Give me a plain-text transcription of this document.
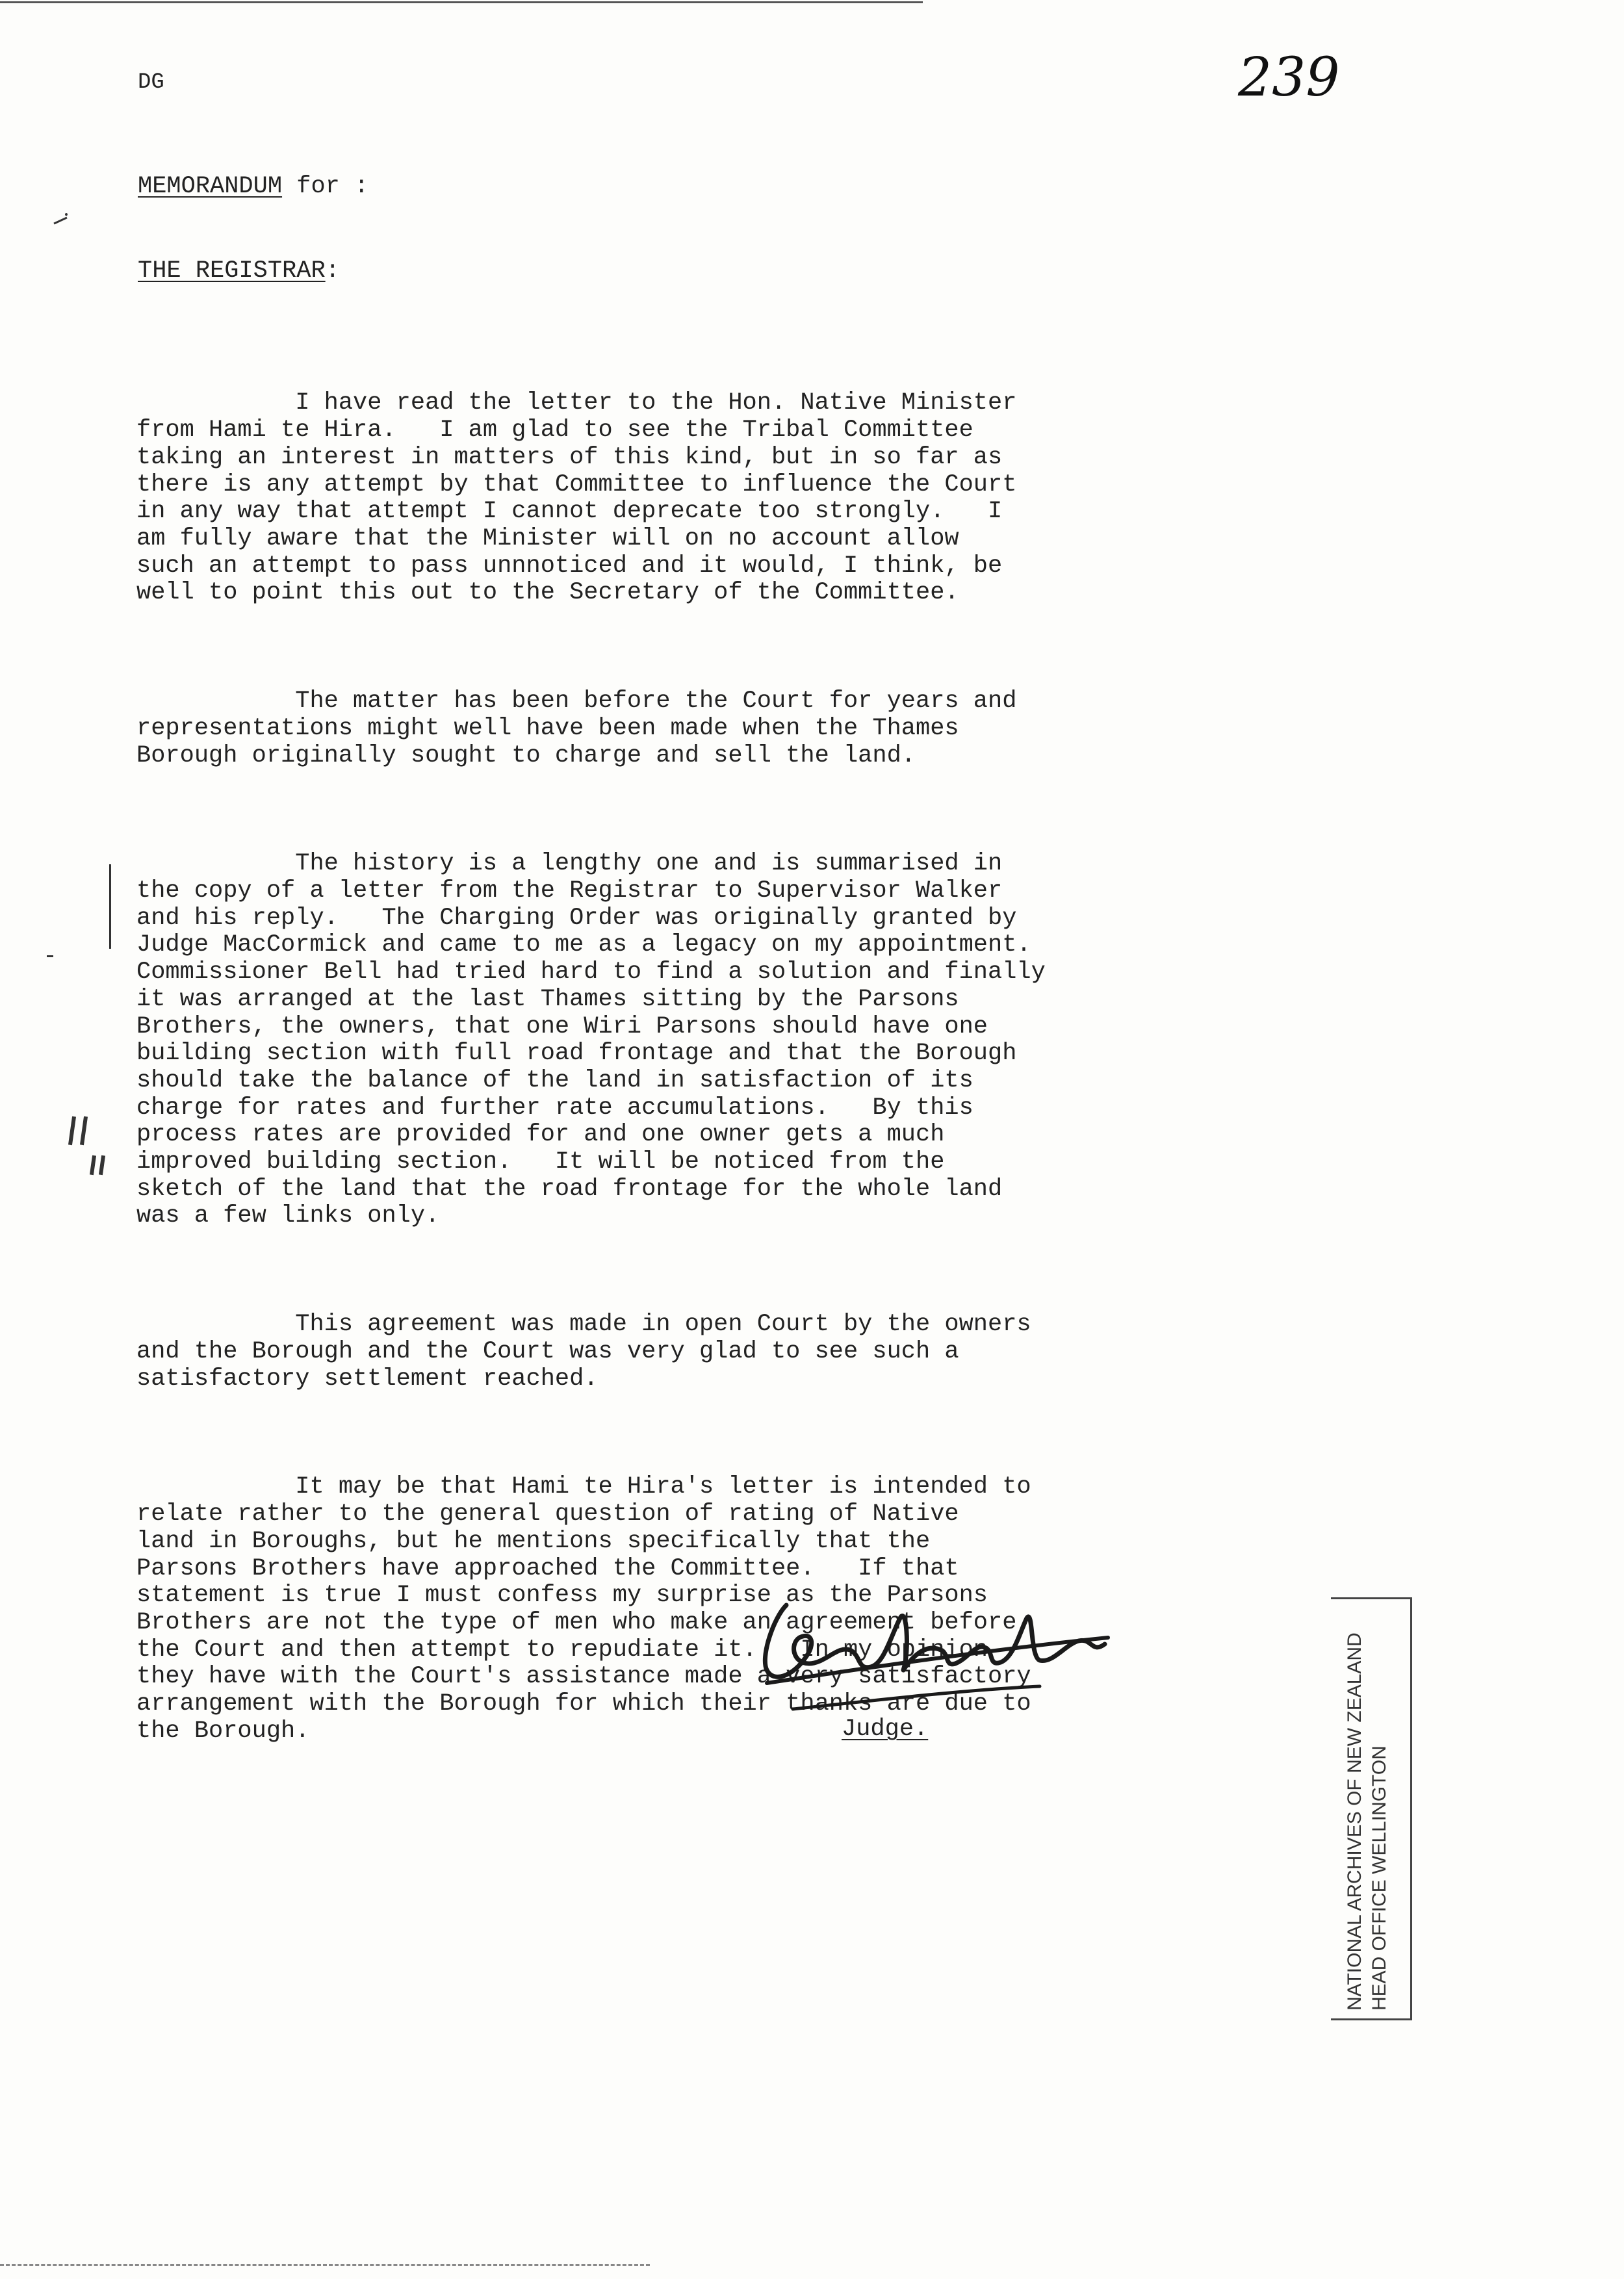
DG	239
MEMORANDUM for :
THE REGISTRAR:

I have read the letter to the Hon. Native Minister
from Hami te Hira.   I am glad to see the Tribal Committee
taking an interest in matters of this kind, but in so far as
there is any attempt by that Committee to influence the Court
in any way that attempt I cannot deprecate too strongly.   I
am fully aware that the Minister will on no account allow
such an attempt to pass unnnoticed and it would, I think, be
well to point this out to the Secretary of the Committee.

The matter has been before the Court for years and
representations might well have been made when the Thames
Borough originally sought to charge and sell the land.

The history is a lengthy one and is summarised in
the copy of a letter from the Registrar to Supervisor Walker
and his reply.   The Charging Order was originally granted by
Judge MacCormick and came to me as a legacy on my appointment.
Commissioner Bell had tried hard to find a solution and finally
it was arranged at the last Thames sitting by the Parsons
Brothers, the owners, that one Wiri Parsons should have one
building section with full road frontage and that the Borough
should take the balance of the land in satisfaction of its
charge for rates and further rate accumulations.   By this
process rates are provided for and one owner gets a much
improved building section.   It will be noticed from the
sketch of the land that the road frontage for the whole land
was a few links only.

This agreement was made in open Court by the owners
and the Borough and the Court was very glad to see such a
satisfactory settlement reached.

It may be that Hami te Hira's letter is intended to
relate rather to the general question of rating of Native
land in Boroughs, but he mentions specifically that the
Parsons Brothers have approached the Committee.   If that
statement is true I must confess my surprise as the Parsons
Brothers are not the type of men who make an agreement before
the Court and then attempt to repudiate it.   In my opinion
they have with the Court's assistance made a very satisfactory
arrangement with the Borough for which their thanks are due to
the Borough.	Judge.	NATIONAL ARCHIVES OF NEW ZEALAND HEAD OFFICE WELLINGTON
